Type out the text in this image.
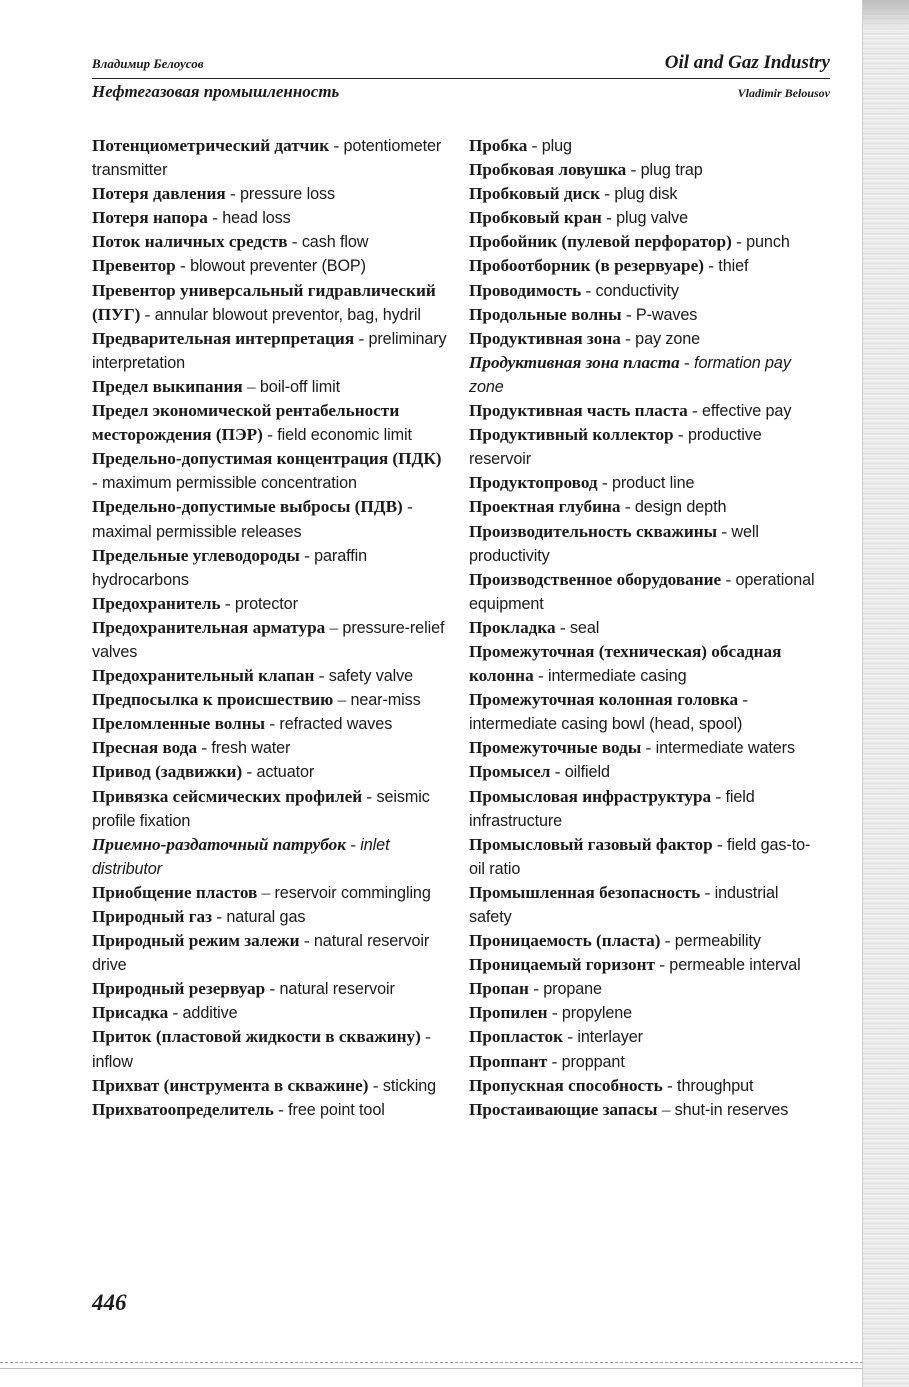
Владимир Белоусов	Oil and Gaz Industry
Нефтегазовая промышленность	Vladimir Belousov

Потенциометрический датчик - potentiometer transmitter

Потеря давления - pressure loss

Потеря напора - head loss

Поток наличных средств - cash flow

Превентор - blowout preventer (BOP)

Превентор универсальный гидравлический (ПУГ) - annular blowout preventor, bag, hydril

Предварительная интерпретация - preliminary interpretation

Предел выкипания – boil-off limit

Предел экономической рентабельности месторождения (ПЭР) - field economic limit

Предельно-допустимая концентрация (ПДК) - maximum permissible concentration

Предельно-допустимые выбросы (ПДВ) - maximal permissible releases

Предельные углеводороды - paraffin hydrocarbons

Предохранитель - protector

Предохранительная арматура – pressure-relief valves

Предохранительный клапан - safety valve

Предпосылка к происшествию – near-miss

Преломленные волны - refracted waves

Пресная вода - fresh water

Привод (задвижки) - actuator

Привязка сейсмических профилей - seismic profile fixation

Приемно-раздаточный патрубок - inlet distributor

Приобщение пластов – reservoir commingling

Природный газ - natural gas

Природный режим залежи - natural reservoir drive

Природный резервуар - natural reservoir

Присадка - additive

Приток (пластовой жидкости в скважину) - inflow

Прихват (инструмента в скважине) - sticking

Прихватоопределитель - free point tool

Пробка - plug

Пробковая ловушка - plug trap

Пробковый диск - plug disk

Пробковый кран - plug valve

Пробойник (пулевой перфоратор) - punch

Пробоотборник (в резервуаре) - thief

Проводимость - conductivity

Продольные волны - P-waves

Продуктивная зона - pay zone

Продуктивная зона пласта - formation pay zone

Продуктивная часть пласта - effective pay

Продуктивный коллектор - productive reservoir

Продуктопровод - product line

Проектная глубина - design depth

Производительность скважины - well productivity

Производственное оборудование - operational equipment

Прокладка - seal

Промежуточная (техническая) обсадная колонна - intermediate casing

Промежуточная колонная головка - intermediate casing bowl (head, spool)

Промежуточные воды - intermediate waters

Промысел - oilfield

Промысловая инфраструктура - field infrastructure

Промысловый газовый фактор - field gas-to-oil ratio

Промышленная безопасность - industrial safety

Проницаемость (пласта) - permeability

Проницаемый горизонт - permeable interval

Пропан - propane

Пропилен - propylene

Пропласток - interlayer

Проппант - proppant

Пропускная способность - throughput

Простаивающие запасы – shut-in reserves

446
